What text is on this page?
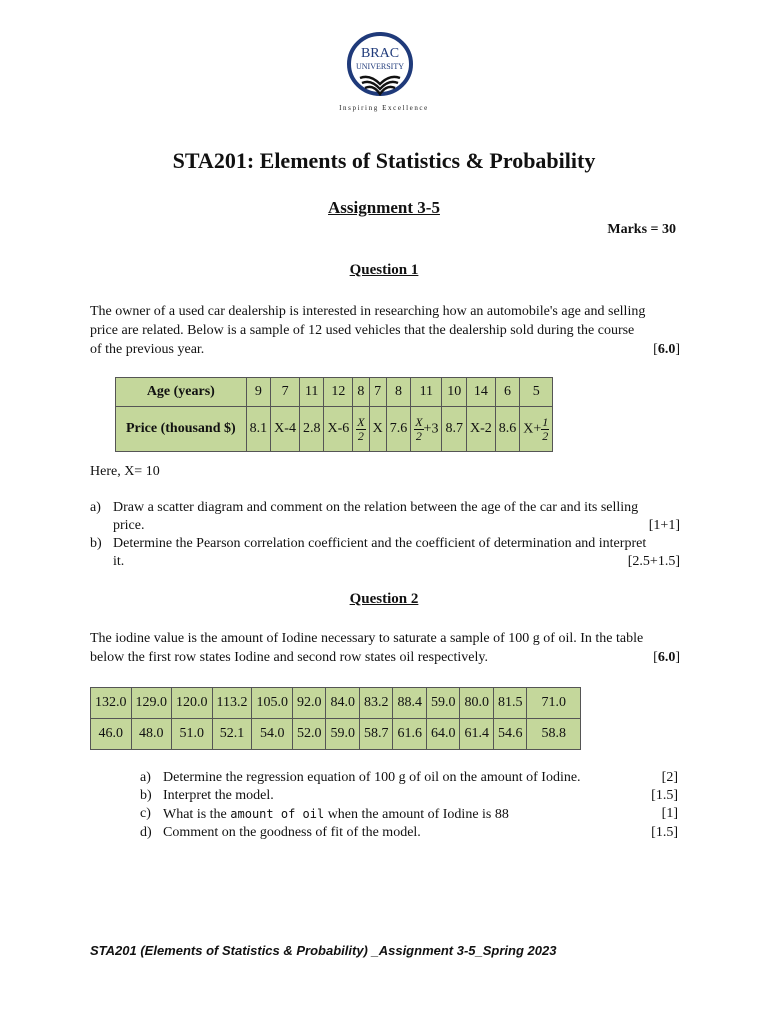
BRAC
UNIVERSITY
Inspiring Excellence
STA201: Elements of Statistics & Probability
Assignment 3-5
Marks = 30
Question 1
The owner of a used car dealership is interested in researching how an automobile's age and selling
price are related. Below is a sample of 12 used vehicles that the dealership sold during the course
of the previous year.	[6.0]
Age (years)	9	7	11	12	8	7	8	11	10	14	6	5
Price (thousand $)	8.1	X-4	2.8	X-6	$\frac{X}{2}$	X	7.6	$\frac{X}{2} +3$	8.7	X-2	8.6	$X+ \frac{1}{2}$
Here, X= 10
a) Draw a scatter diagram and comment on the relation between the age of the car and its selling
price.	[1+1]
b) Determine the Pearson correlation coefficient and the coefficient of determination and interpret
it.	[2.5+1.5]
Question 2
The iodine value is the amount of Iodine necessary to saturate a sample of 100 g of oil. In the table
below the first row states Iodine and second row states oil respectively.	[6.0]
132.0	129.0	120.0	113.2	105.0	92.0	84.0	83.2	88.4	59.0	80.0	81.5	71.0
46.0	48.0	51.0	52.1	54.0	52.0	59.0	58.7	61.6	64.0	61.4	54.6	58.8
a) Determine the regression equation of 100 g of oil on the amount of Iodine.	[2]
b) Interpret the model.	[1.5]
c) What is the amount of oil when the amount of Iodine is 88	[1]
d) Comment on the goodness of fit of the model.	[1.5]
STA201 (Elements of Statistics & Probability) _Assignment 3-5_Spring 2023
